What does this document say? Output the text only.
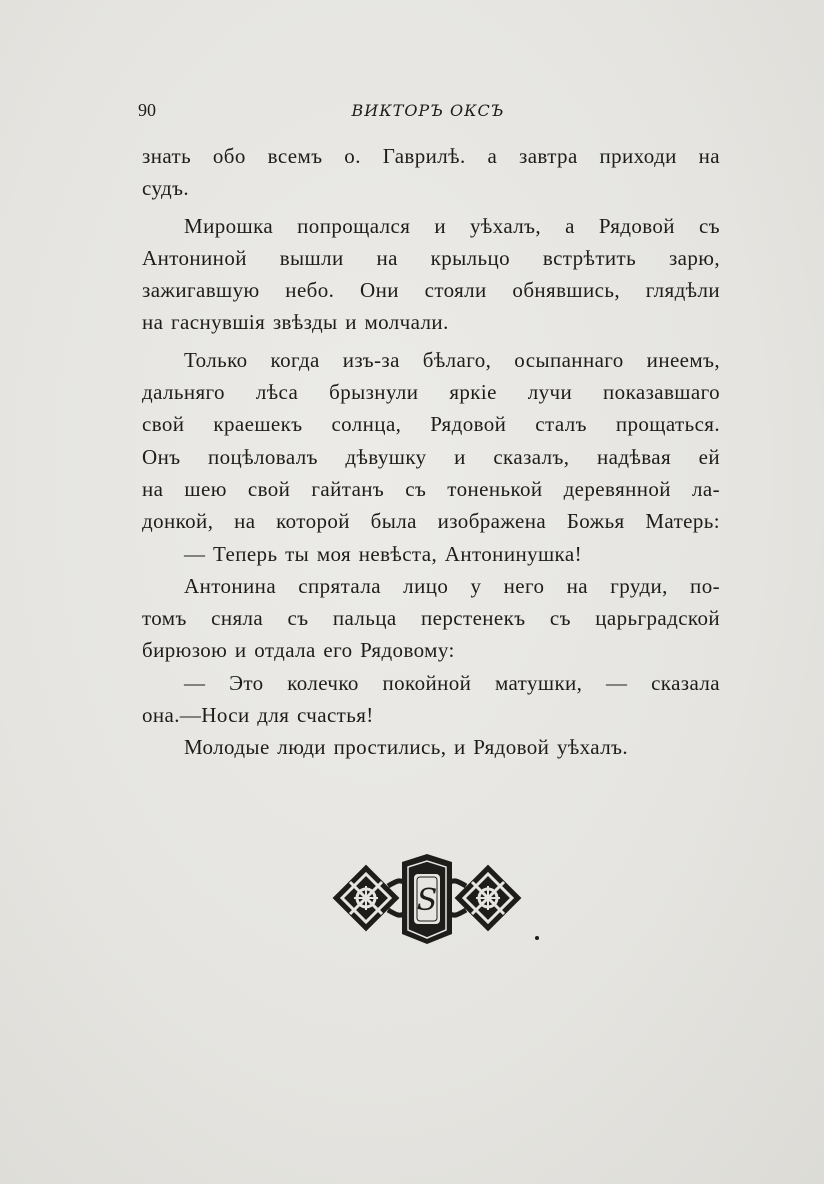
90	ВИКТОРЪ ОКСЪ
знать обо всемъ о. Гаврилѣ. а завтра приходи на
судъ.
Мирошка попрощался и уѣхалъ, а Рядовой съ
Антониной вышли на крыльцо встрѣтить зарю,
зажигавшую небо. Они стояли обнявшись, глядѣли
на гаснувшія звѣзды и молчали.
Только когда изъ-за бѣлаго, осыпаннаго инеемъ,
дальняго лѣса брызнули яркіе лучи показавшаго
свой краешекъ солнца, Рядовой сталъ прощаться.
Онъ поцѣловалъ дѣвушку и сказалъ, надѣвая ей
на шею свой гайтанъ съ тоненькой деревянной ла-
донкой, на которой была изображена Божья Матерь:
— Теперь ты моя невѣста, Антонинушка!
Антонина спрятала лицо у него на груди, по-
томъ сняла съ пальца перстенекъ съ царьградской
бирюзою и отдала его Рядовому:
— Это колечко покойной матушки, — сказала
она.—Носи для счастья!
Молодые люди простились, и Рядовой уѣхалъ.
S
